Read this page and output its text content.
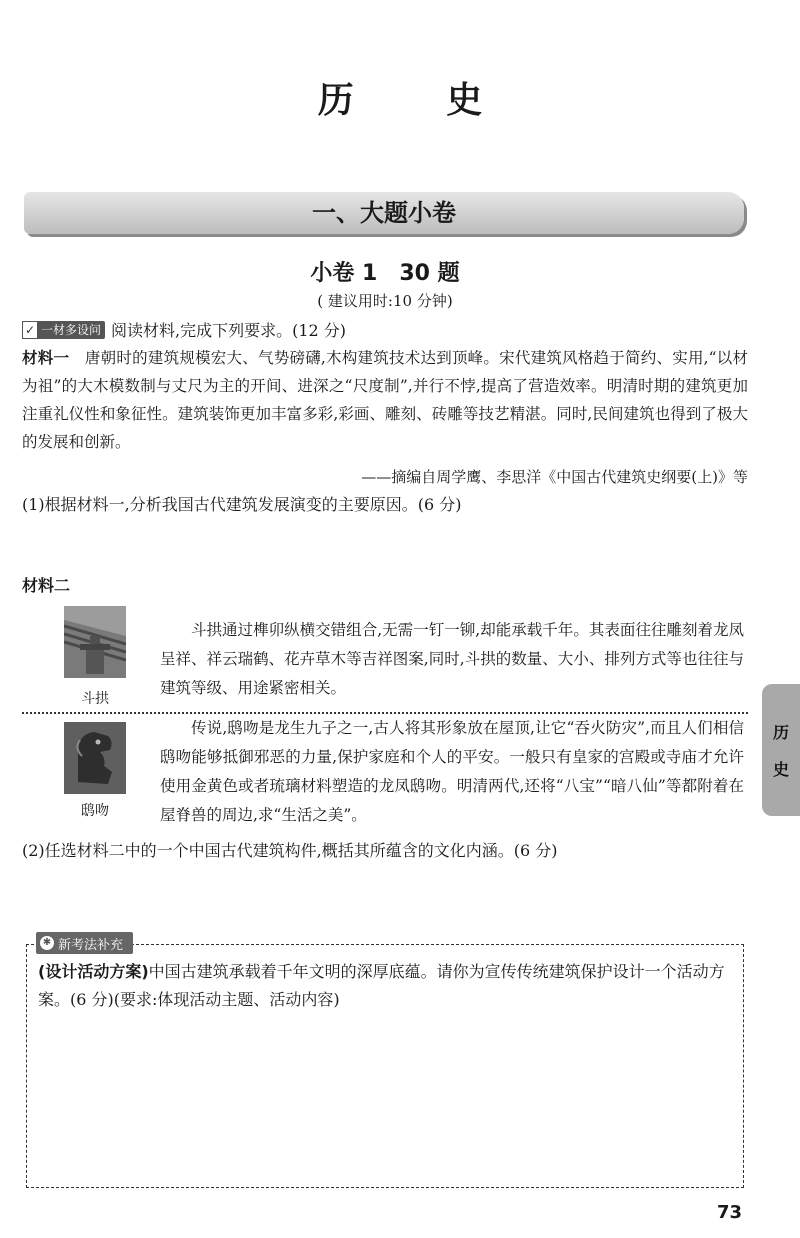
历 史
一、大题小卷
小卷 1　30 题
( 建议用时:10 分钟)
✓ 一材多设问 阅读材料,完成下列要求。(12 分)
材料一  唐朝时的建筑规模宏大、气势磅礴,木构建筑技术达到顶峰。宋代建筑风格趋于简约、实用,“以材为祖”的大木模数制与丈尺为主的开间、进深之“尺度制”,并行不悖,提高了营造效率。明清时期的建筑更加注重礼仪性和象征性。建筑装饰更加丰富多彩,彩画、雕刻、砖雕等技艺精湛。同时,民间建筑也得到了极大的发展和创新。
——摘编自周学鹰、李思洋《中国古代建筑史纲要(上)》等
(1)根据材料一,分析我国古代建筑发展演变的主要原因。(6 分)
材料二
斗拱
斗拱通过榫卯纵横交错组合,无需一钉一铆,却能承载千年。其表面往往雕刻着龙凤呈祥、祥云瑞鹤、花卉草木等吉祥图案,同时,斗拱的数量、大小、排列方式等也往往与建筑等级、用途紧密相关。
鸱吻
传说,鸱吻是龙生九子之一,古人将其形象放在屋顶,让它“吞火防灾”,而且人们相信鸱吻能够抵御邪恶的力量,保护家庭和个人的平安。一般只有皇家的宫殿或寺庙才允许使用金黄色或者琉璃材料塑造的龙凤鸱吻。明清两代,还将“八宝”“暗八仙”等都附着在屋脊兽的周边,求“生活之美”。
(2)任选材料二中的一个中国古代建筑构件,概括其所蕴含的文化内涵。(6 分)
历
史
✱ 新考法补充
(设计活动方案)中国古建筑承载着千年文明的深厚底蕴。请你为宣传传统建筑保护设计一个活动方案。(6 分)(要求:体现活动主题、活动内容)
73
